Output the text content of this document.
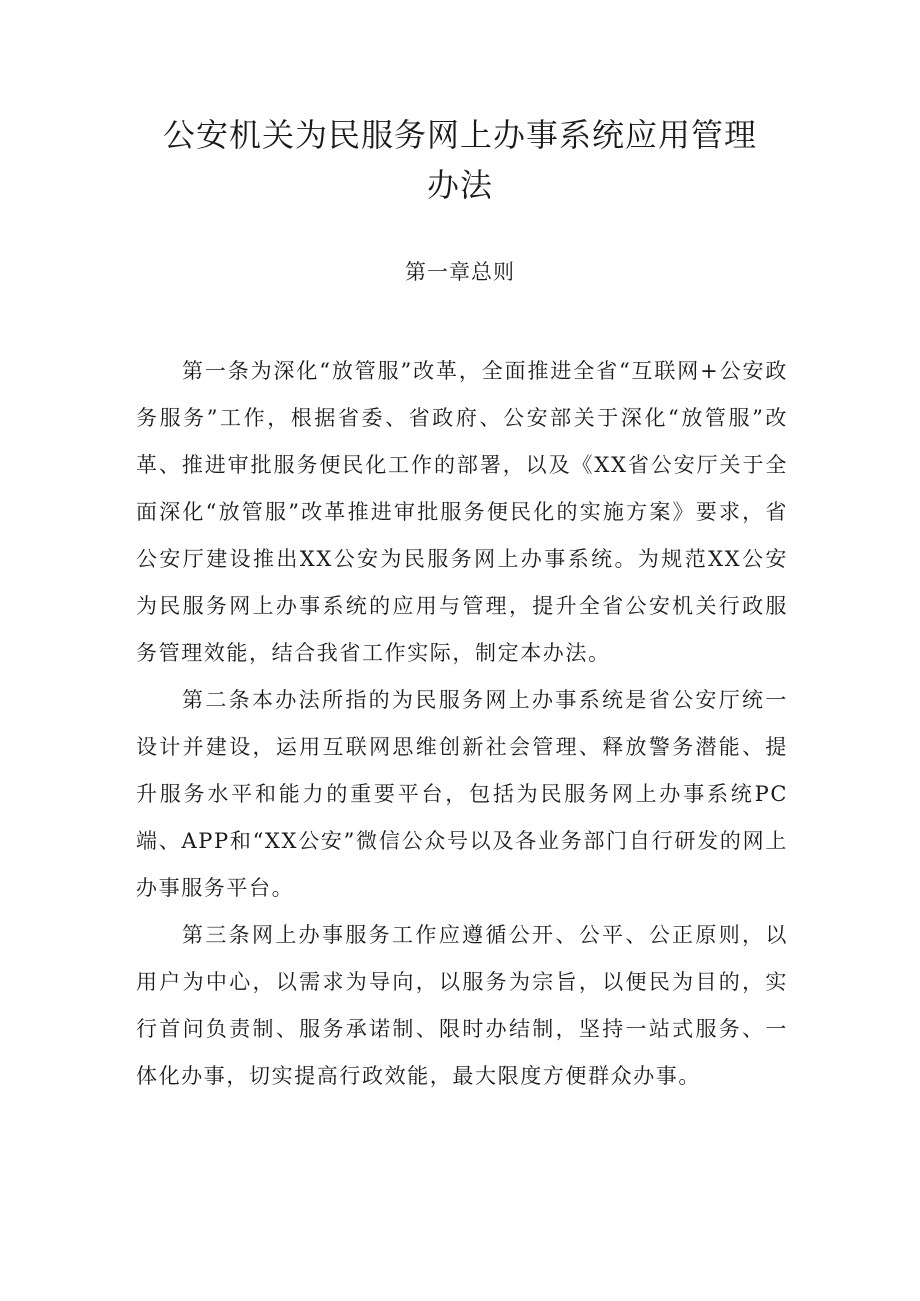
公安机关为民服务网上办事系统应用管理
办法
第一章总则

第一条为深化“放管服”改革，全面推进全省“互联网+公安政务服务”工作，根据省委、省政府、公安部关于深化“放管服”改革、推进审批服务便民化工作的部署，以及《XX省公安厅关于全面深化“放管服”改革推进审批服务便民化的实施方案》要求，省公安厅建设推出XX公安为民服务网上办事系统。为规范XX公安为民服务网上办事系统的应用与管理，提升全省公安机关行政服务管理效能，结合我省工作实际，制定本办法。

第二条本办法所指的为民服务网上办事系统是省公安厅统一设计并建设，运用互联网思维创新社会管理、释放警务潜能、提升服务水平和能力的重要平台，包括为民服务网上办事系统PC端、APP和“XX公安”微信公众号以及各业务部门自行研发的网上办事服务平台。

第三条网上办事服务工作应遵循公开、公平、公正原则，以用户为中心，以需求为导向，以服务为宗旨，以便民为目的，实行首问负责制、服务承诺制、限时办结制，坚持一站式服务、一体化办事，切实提高行政效能，最大限度方便群众办事。
